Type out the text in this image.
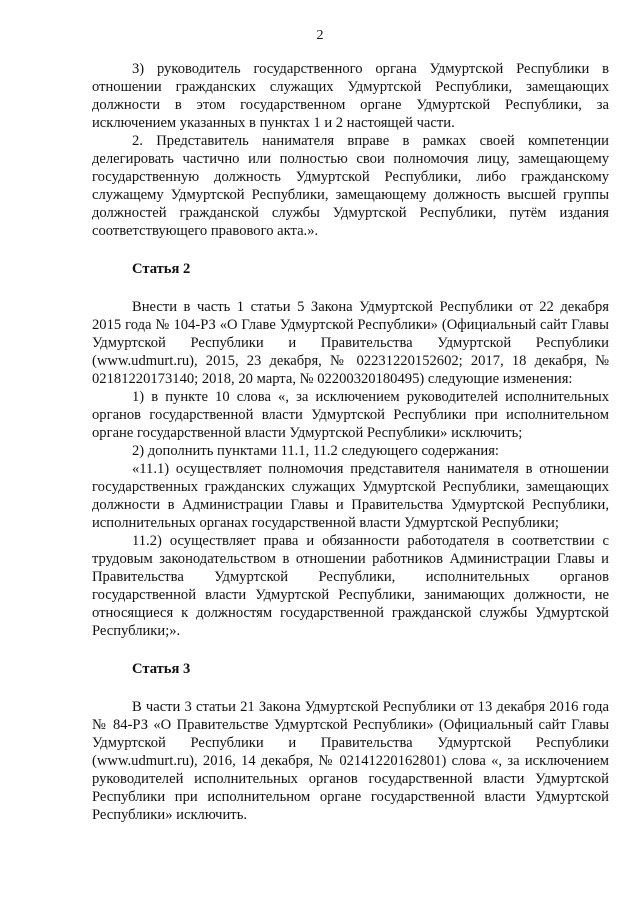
2

3) руководитель государственного органа Удмуртской Республики в отношении гражданских служащих Удмуртской Республики, замещающих должности в этом государственном органе Удмуртской Республики, за исключением указанных в пунктах 1 и 2 настоящей части.

2. Представитель нанимателя вправе в рамках своей компетенции делегировать частично или полностью свои полномочия лицу, замещающему государственную должность Удмуртской Республики, либо гражданскому служащему Удмуртской Республики, замещающему должность высшей группы должностей гражданской службы Удмуртской Республики, путём издания соответствующего правового акта.».

Статья 2

Внести в часть 1 статьи 5 Закона Удмуртской Республики от 22 декабря 2015 года № 104-РЗ «О Главе Удмуртской Республики» (Официальный сайт Главы Удмуртской Республики и Правительства Удмуртской Республики (www.udmurt.ru), 2015, 23 декабря, № 02231220152602; 2017, 18 декабря, № 02181220173140; 2018, 20 марта, № 02200320180495) следующие изменения:

1) в пункте 10 слова «, за исключением руководителей исполнительных органов государственной власти Удмуртской Республики при исполнительном органе государственной власти Удмуртской Республики» исключить;

2) дополнить пунктами 11.1, 11.2 следующего содержания:

«11.1) осуществляет полномочия представителя нанимателя в отношении государственных гражданских служащих Удмуртской Республики, замещающих должности в Администрации Главы и Правительства Удмуртской Республики, исполнительных органах государственной власти Удмуртской Республики;

11.2) осуществляет права и обязанности работодателя в соответствии с трудовым законодательством в отношении работников Администрации Главы и Правительства Удмуртской Республики, исполнительных органов государственной власти Удмуртской Республики, занимающих должности, не относящиеся к должностям государственной гражданской службы Удмуртской Республики;».

Статья 3

В части 3 статьи 21 Закона Удмуртской Республики от 13 декабря 2016 года № 84-РЗ «О Правительстве Удмуртской Республики» (Официальный сайт Главы Удмуртской Республики и Правительства Удмуртской Республики (www.udmurt.ru), 2016, 14 декабря, № 02141220162801) слова «, за исключением руководителей исполнительных органов государственной власти Удмуртской Республики при исполнительном органе государственной власти Удмуртской Республики» исключить.
